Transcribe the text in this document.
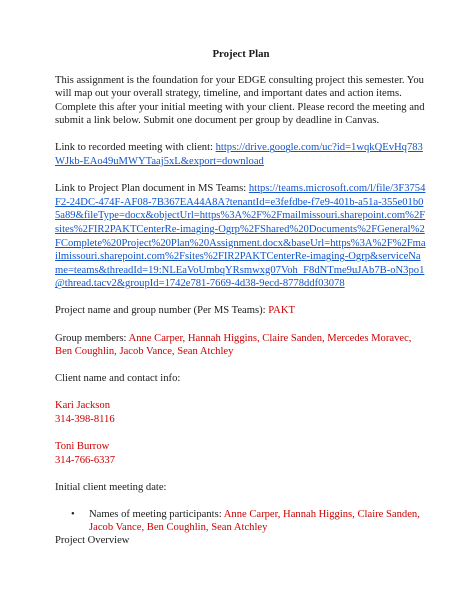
Project Plan

This assignment is the foundation for your EDGE consulting project this semester. You will map out your overall strategy, timeline, and important dates and action items. Complete this after your initial meeting with your client. Please record the meeting and submit a link below. Submit one document per group by deadline in Canvas.

Link to recorded meeting with client: https://drive.google.com/uc?id=1wqkQEvHq783WJkb-EAo49uMWYTaaj5xL&export=download

Link to Project Plan document in MS Teams: https://teams.microsoft.com/l/file/3F3754F2-24DC-474F-AF08-7B367EA44A8A?tenantId=e3fefdbe-f7e9-401b-a51a-355e01b05a89&fileType=docx&objectUrl=https%3A%2F%2Fmailmissouri.sharepoint.com%2Fsites%2FIR2PAKTCenterRe-imaging-Ogrp%2FShared%20Documents%2FGeneral%2FComplete%20Project%20Plan%20Assignment.docx&baseUrl=https%3A%2F%2Fmailmissouri.sharepoint.com%2Fsites%2FIR2PAKTCenterRe-imaging-Ogrp&serviceName=teams&threadId=19:NLEaVoUmbqYRsmwxg07Voh_F8dNTme9uJAb7B-oN3po1@thread.tacv2&groupId=1742e781-7669-4d38-9ecd-8778ddf03078

Project name and group number (Per MS Teams): PAKT

Group members: Anne Carper, Hannah Higgins, Claire Sanden, Mercedes Moravec, Ben Coughlin, Jacob Vance, Sean Atchley

Client name and contact info:

Kari Jackson
314-398-8116
Toni Burrow
314-766-6337

Initial client meeting date:

• Names of meeting participants: Anne Carper, Hannah Higgins, Claire Sanden, Jacob Vance, Ben Coughlin, Sean Atchley
Project Overview
